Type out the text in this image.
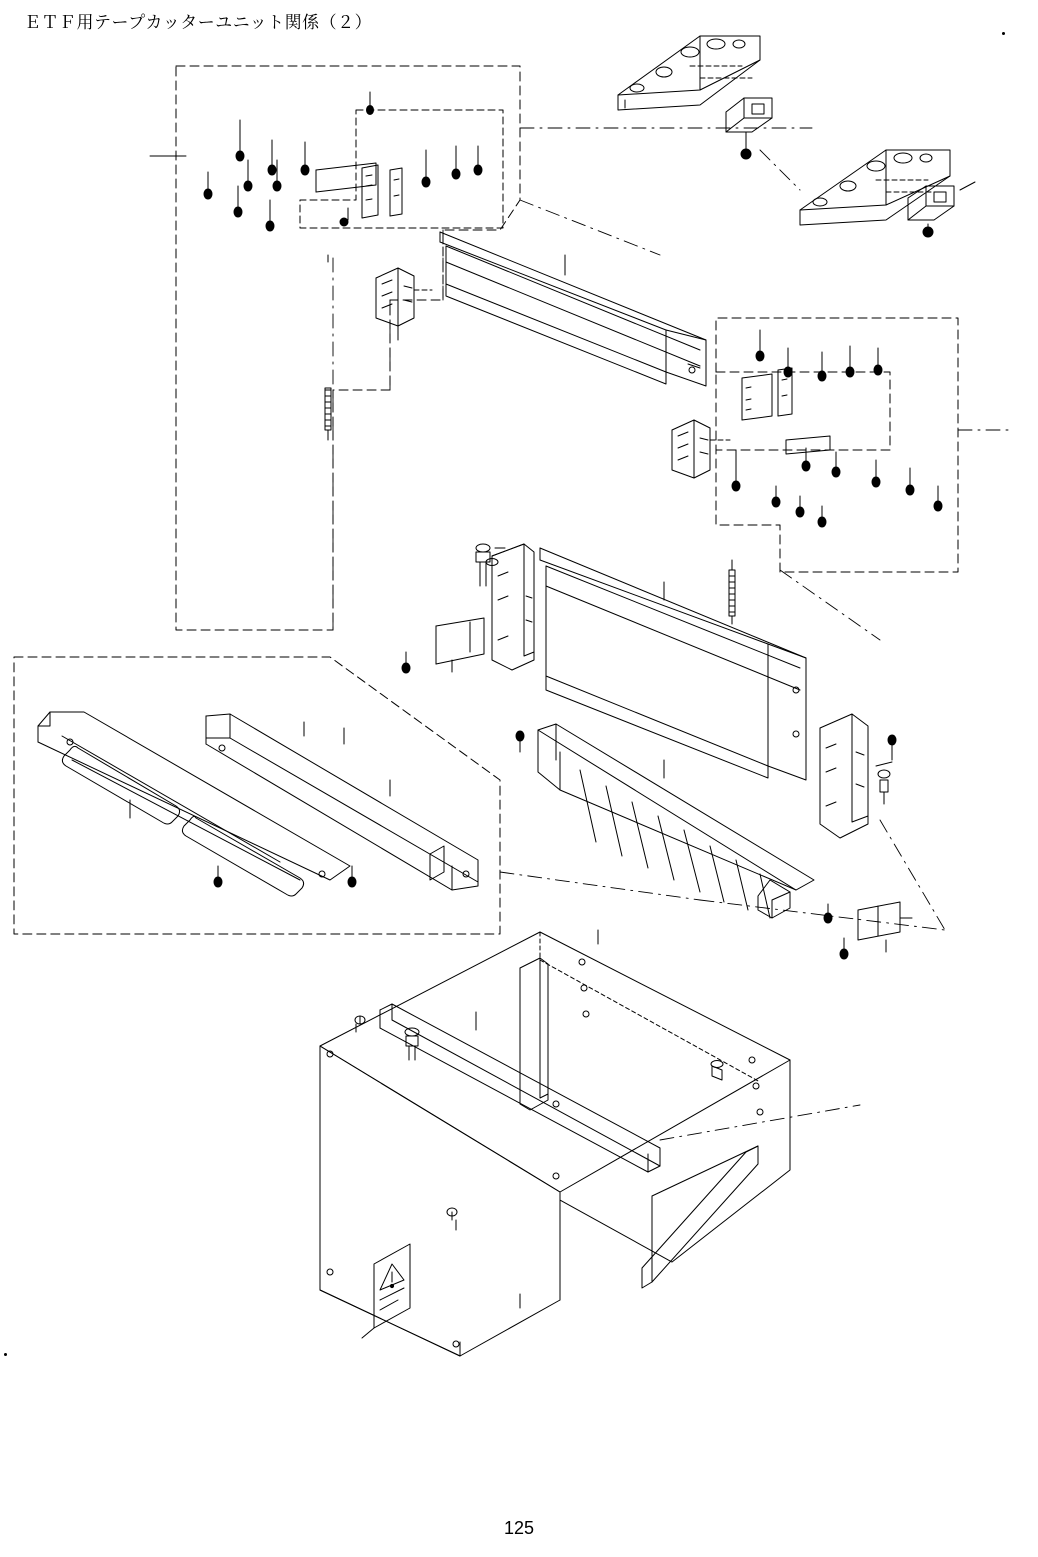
ＥＴＦ用テープカッターユニット関係（２）
125
